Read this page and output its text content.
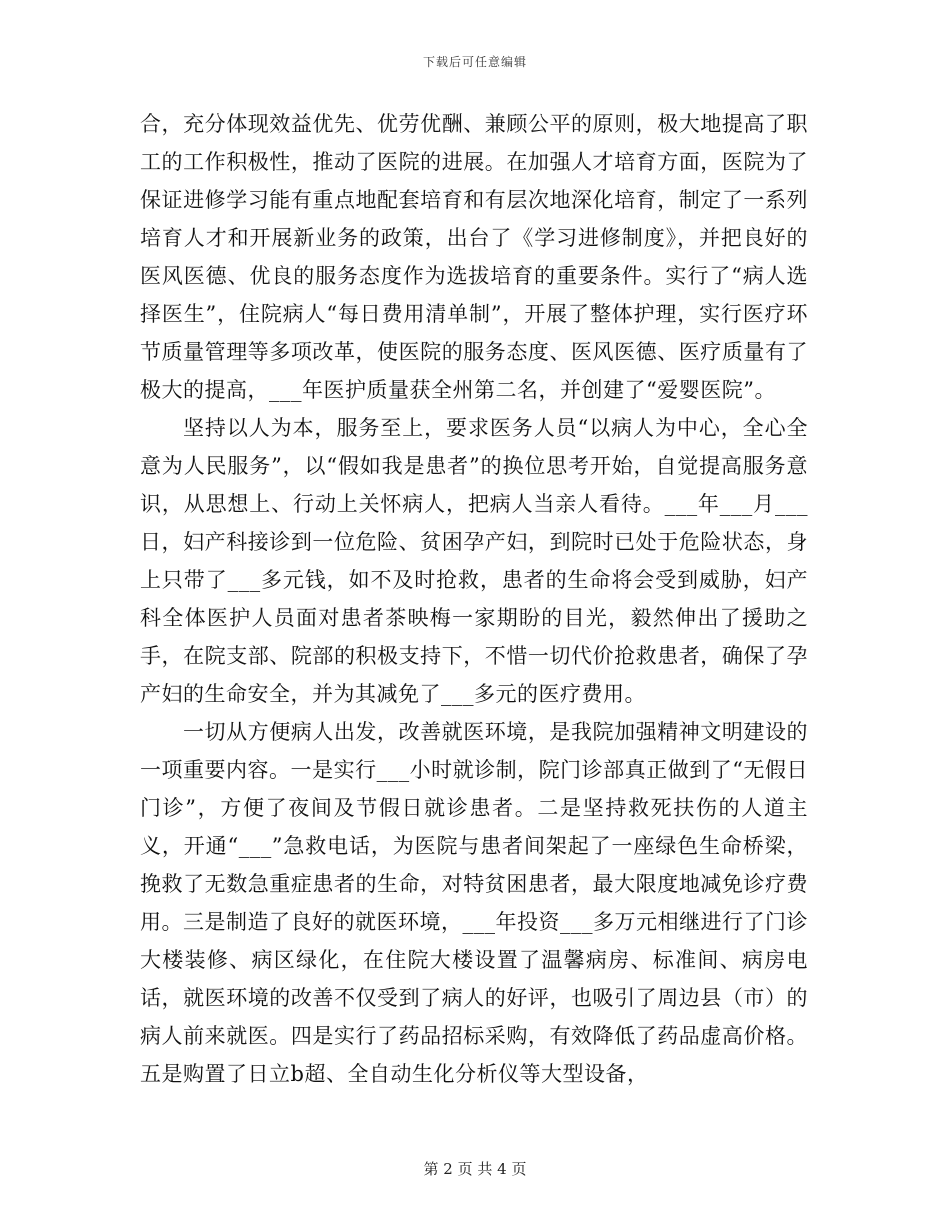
下载后可任意编辑

合，充分体现效益优先、优劳优酬、兼顾公平的原则，极大地提高了职工的工作积极性，推动了医院的进展。在加强人才培育方面，医院为了保证进修学习能有重点地配套培育和有层次地深化培育，制定了一系列培育人才和开展新业务的政策，出台了《学习进修制度》，并把良好的医风医德、优良的服务态度作为选拔培育的重要条件。实行了“病人选择医生”，住院病人“每日费用清单制”，开展了整体护理，实行医疗环节质量管理等多项改革，使医院的服务态度、医风医德、医疗质量有了极大的提高，___年医护质量获全州第二名，并创建了“爱婴医院”。

坚持以人为本，服务至上，要求医务人员“以病人为中心，全心全意为人民服务”，以“假如我是患者”的换位思考开始，自觉提高服务意识，从思想上、行动上关怀病人，把病人当亲人看待。___年___月___日，妇产科接诊到一位危险、贫困孕产妇，到院时已处于危险状态，身上只带了___多元钱，如不及时抢救，患者的生命将会受到威胁，妇产科全体医护人员面对患者茶映梅一家期盼的目光，毅然伸出了援助之手，在院支部、院部的积极支持下，不惜一切代价抢救患者，确保了孕产妇的生命安全，并为其减免了___多元的医疗费用。

一切从方便病人出发，改善就医环境，是我院加强精神文明建设的一项重要内容。一是实行___小时就诊制，院门诊部真正做到了“无假日门诊”，方便了夜间及节假日就诊患者。二是坚持救死扶伤的人道主义，开通“___”急救电话，为医院与患者间架起了一座绿色生命桥梁，挽救了无数急重症患者的生命，对特贫困患者，最大限度地减免诊疗费用。三是制造了良好的就医环境，___年投资___多万元相继进行了门诊大楼装修、病区绿化，在住院大楼设置了温馨病房、标准间、病房电话，就医环境的改善不仅受到了病人的好评，也吸引了周边县（市）的病人前来就医。四是实行了药品招标采购，有效降低了药品虚高价格。五是购置了日立b超、全自动生化分析仪等大型设备，

第 2 页 共 4 页
